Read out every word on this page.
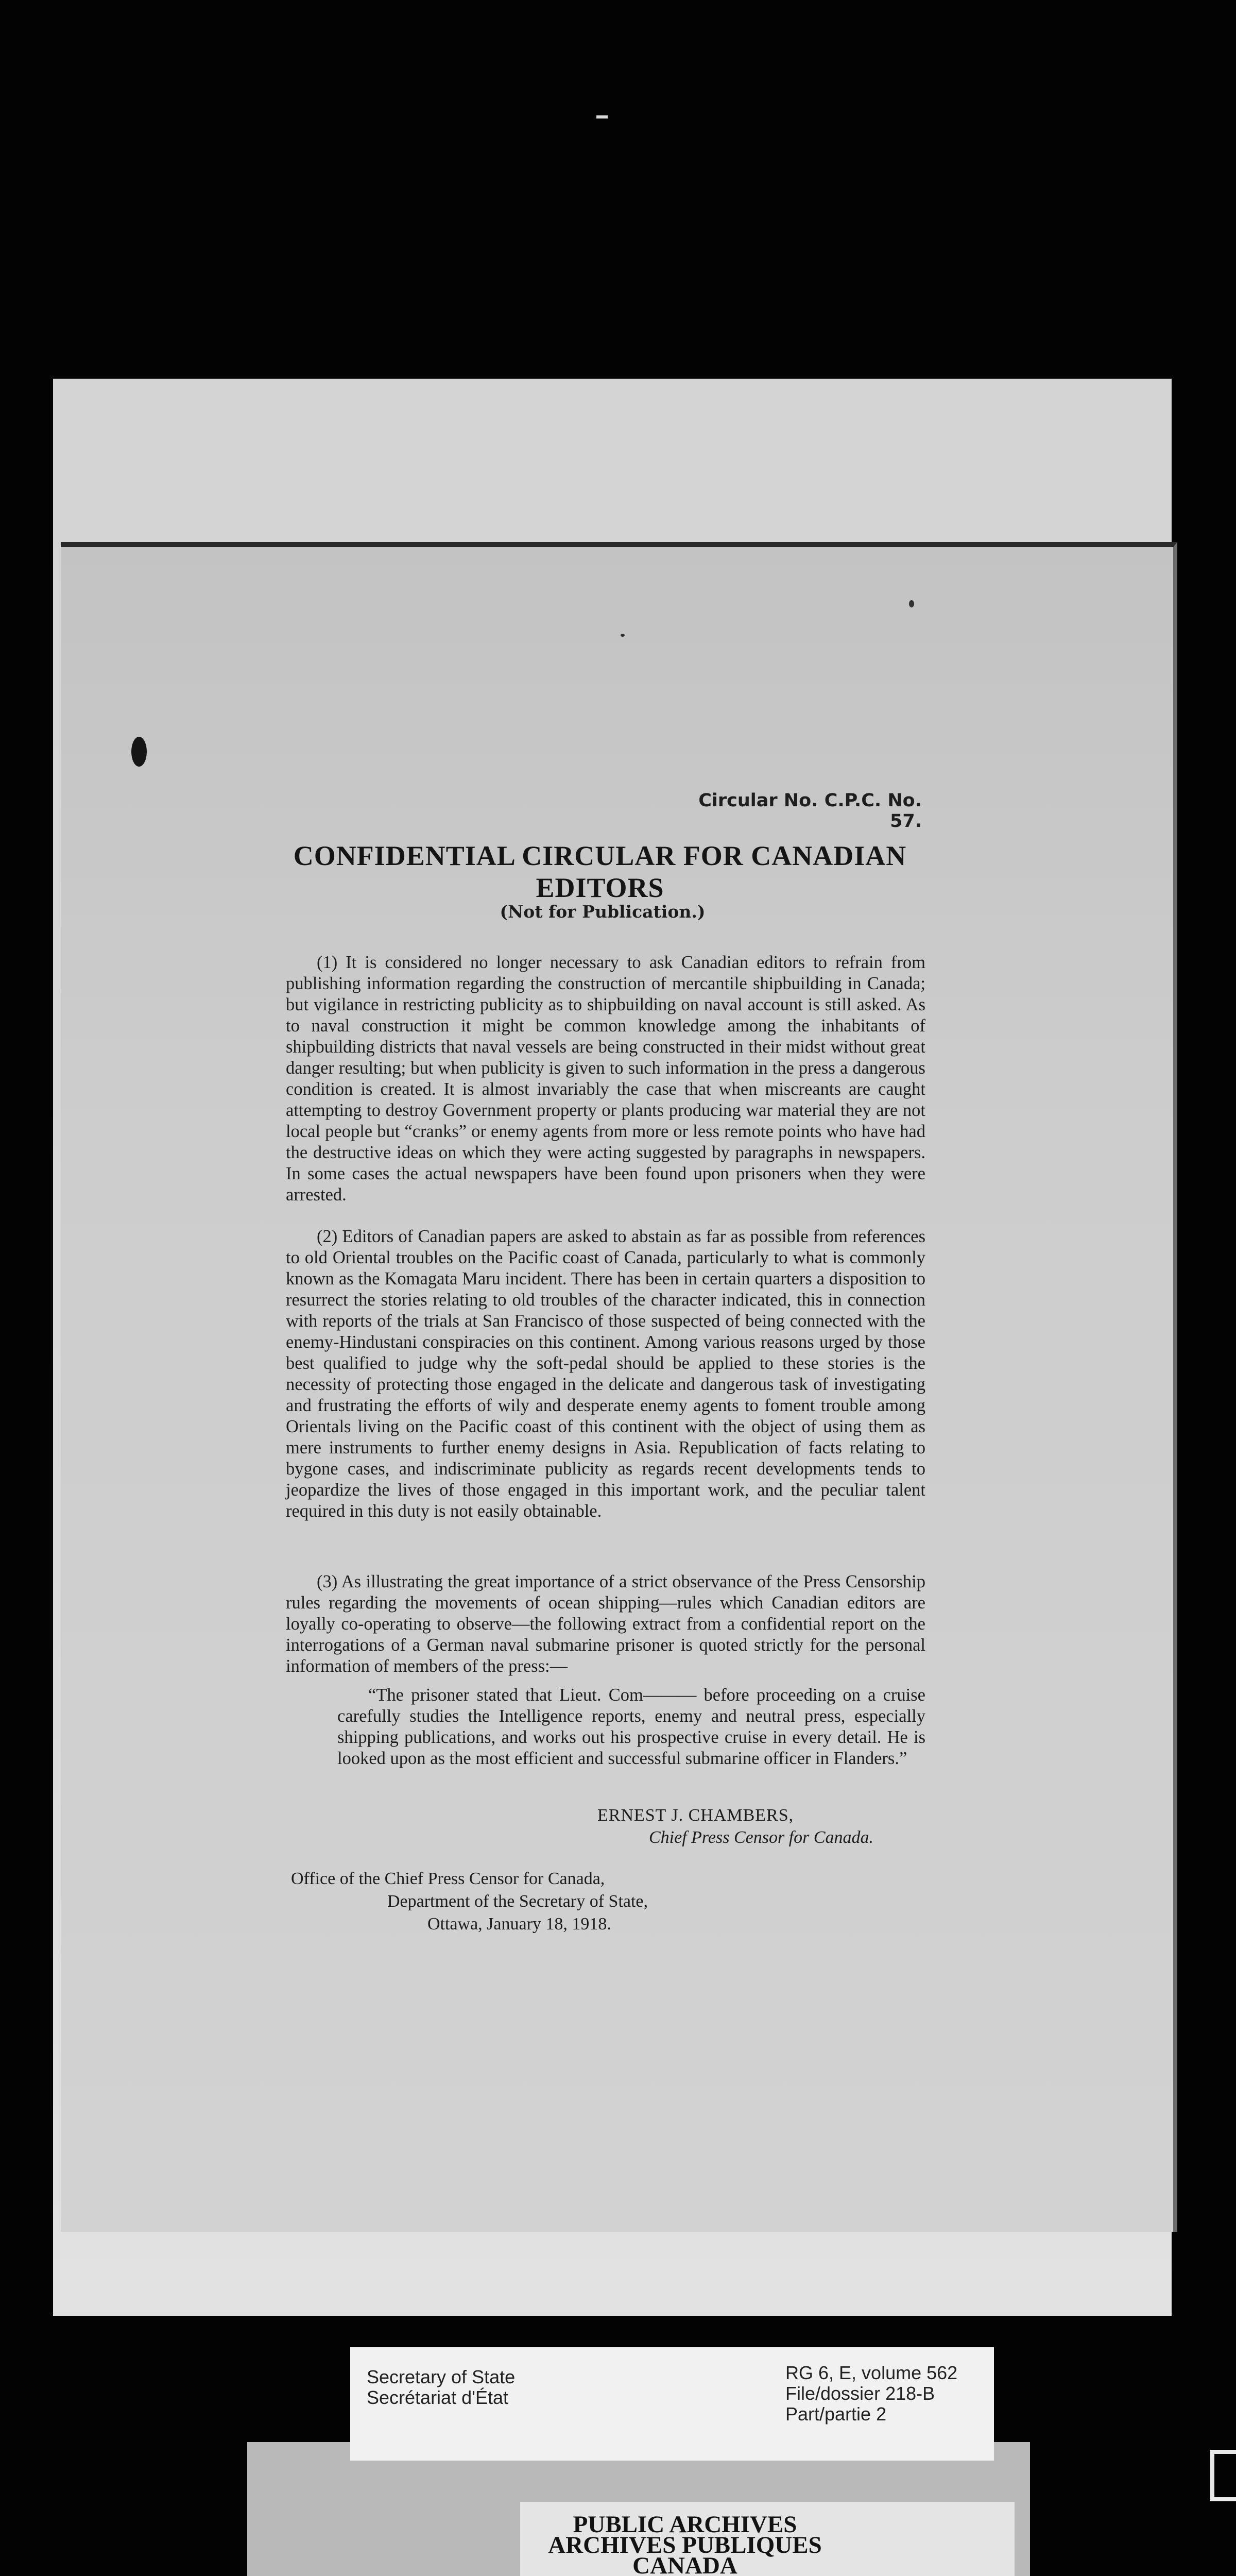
Circular No. C.P.C. No. 57.
CONFIDENTIAL CIRCULAR FOR CANADIAN EDITORS
(Not for Publication.)

(1) It is considered no longer necessary to ask Canadian editors to refrain from publishing information regarding the construction of mercantile shipbuilding in Canada; but vigilance in restricting publicity as to shipbuilding on naval account is still asked. As to naval construction it might be common knowledge among the inhabitants of shipbuilding districts that naval vessels are being constructed in their midst without great danger resulting; but when publicity is given to such information in the press a dangerous condition is created. It is almost invariably the case that when miscreants are caught attempting to destroy Government property or plants producing war material they are not local people but “cranks” or enemy agents from more or less remote points who have had the destructive ideas on which they were acting suggested by paragraphs in newspapers. In some cases the actual newspapers have been found upon prisoners when they were arrested.

(2) Editors of Canadian papers are asked to abstain as far as possible from references to old Oriental troubles on the Pacific coast of Canada, particularly to what is commonly known as the Komagata Maru incident. There has been in certain quarters a disposition to resurrect the stories relating to old troubles of the character indicated, this in connection with reports of the trials at San Francisco of those suspected of being connected with the enemy-Hindustani conspiracies on this continent. Among various reasons urged by those best qualified to judge why the soft-pedal should be applied to these stories is the necessity of protecting those engaged in the delicate and dangerous task of investigating and frustrating the efforts of wily and desperate enemy agents to foment trouble among Orientals living on the Pacific coast of this continent with the object of using them as mere instruments to further enemy designs in Asia. Republication of facts relating to bygone cases, and indiscriminate publicity as regards recent developments tends to jeopardize the lives of those engaged in this important work, and the peculiar talent required in this duty is not easily obtainable.

(3) As illustrating the great importance of a strict observance of the Press Censorship rules regarding the movements of ocean shipping—rules which Canadian editors are loyally co-operating to observe—the following extract from a confidential report on the interrogations of a German naval submarine prisoner is quoted strictly for the personal information of members of the press:—

“The prisoner stated that Lieut. Com——— before proceeding on a cruise carefully studies the Intelligence reports, enemy and neutral press, especially shipping publications, and works out his prospective cruise in every detail. He is looked upon as the most efficient and successful submarine officer in Flanders.”

ERNEST J. CHAMBERS,
Chief Press Censor for Canada.
Office of the Chief Press Censor for Canada,
Department of the Secretary of State,
Ottawa, January 18, 1918.
Secretary of State
Secrétariat d'État
RG 6, E, volume 562
File/dossier 218-B
Part/partie 2
PUBLIC ARCHIVES
ARCHIVES PUBLIQUES
CANADA
